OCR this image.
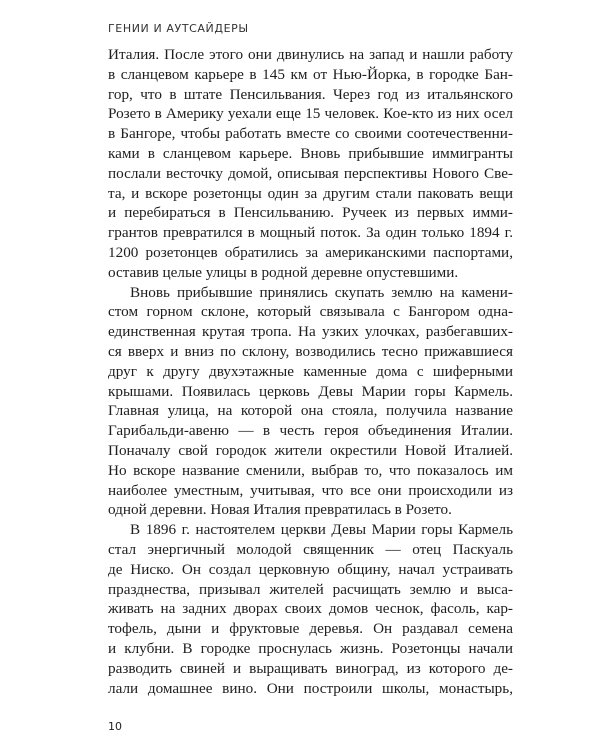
ГЕНИИ И АУТСАЙДЕРЫ
Италия. После этого они двинулись на запад и нашли работу
в сланцевом карьере в 145 км от Нью-Йорка, в городке Бан-
гор, что в штате Пенсильвания. Через год из итальянского
Розето в Америку уехали еще 15 человек. Кое-кто из них осел
в Бангоре, чтобы работать вместе со своими соотечественни-
ками в сланцевом карьере. Вновь прибывшие иммигранты
послали весточку домой, описывая перспективы Нового Све-
та, и вскоре розетонцы один за другим стали паковать вещи
и перебираться в Пенсильванию. Ручеек из первых имми-
грантов превратился в мощный поток. За один только 1894 г.
1200 розетонцев обратились за американскими паспортами,
оставив целые улицы в родной деревне опустевшими.
Вновь прибывшие принялись скупать землю на камени-
стом горном склоне, который связывала с Бангором одна-
единственная крутая тропа. На узких улочках, разбегавших-
ся вверх и вниз по склону, возводились тесно прижавшиеся
друг к другу двухэтажные каменные дома с шиферными
крышами. Появилась церковь Девы Марии горы Кармель.
Главная улица, на которой она стояла, получила название
Гарибальди-авеню — в честь героя объединения Италии.
Поначалу свой городок жители окрестили Новой Италией.
Но вскоре название сменили, выбрав то, что показалось им
наиболее уместным, учитывая, что все они происходили из
одной деревни. Новая Италия превратилась в Розето.
В 1896 г. настоятелем церкви Девы Марии горы Кармель
стал энергичный молодой священник — отец Паскуаль
де Ниско. Он создал церковную общину, начал устраивать
празднества, призывал жителей расчищать землю и выса-
живать на задних дворах своих домов чеснок, фасоль, кар-
тофель, дыни и фруктовые деревья. Он раздавал семена
и клубни. В городке проснулась жизнь. Розетонцы начали
разводить свиней и выращивать виноград, из которого де-
лали домашнее вино. Они построили школы, монастырь,
10
